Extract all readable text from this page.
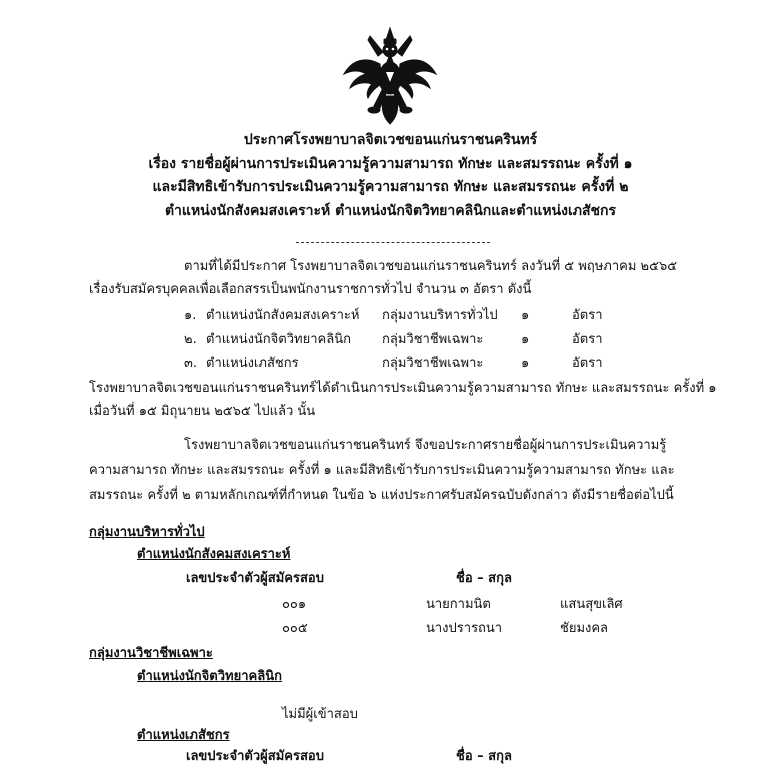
ประกาศโรงพยาบาลจิตเวชขอนแก่นราชนครินทร์
เรื่อง รายชื่อผู้ผ่านการประเมินความรู้ความสามารถ ทักษะ และสมรรถนะ ครั้งที่ ๑
และมีสิทธิเข้ารับการประเมินความรู้ความสามารถ ทักษะ และสมรรถนะ ครั้งที่ ๒
ตำแหน่งนักสังคมสงเคราะห์ ตำแหน่งนักจิตวิทยาคลินิกและตำแหน่งเภสัชกร
ตามที่ได้มีประกาศ โรงพยาบาลจิตเวชขอนแก่นราชนครินทร์ ลงวันที่ ๕ พฤษภาคม ๒๕๖๕
เรื่องรับสมัครบุคคลเพื่อเลือกสรรเป็นพนักงานราชการทั่วไป จำนวน ๓ อัตรา ดังนี้
๑. ตำแหน่งนักสังคมสงเคราะห์ กลุ่มงานบริหารทั่วไป ๑	อัตรา
๒. ตำแหน่งนักจิตวิทยาคลินิก กลุ่มวิชาชีพเฉพาะ	๑	อัตรา
๓. ตำแหน่งเภสัชกร	กลุ่มวิชาชีพเฉพาะ	๑	อัตรา
โรงพยาบาลจิตเวชขอนแก่นราชนครินทร์ได้ดำเนินการประเมินความรู้ความสามารถ ทักษะ และสมรรถนะ ครั้งที่ ๑
เมื่อวันที่ ๑๕ มิถุนายน ๒๕๖๕ ไปแล้ว นั้น
โรงพยาบาลจิตเวชขอนแก่นราชนครินทร์ จึงขอประกาศรายชื่อผู้ผ่านการประเมินความรู้
ความสามารถ ทักษะ และสมรรถนะ ครั้งที่ ๑ และมีสิทธิเข้ารับการประเมินความรู้ความสามารถ ทักษะ และ
สมรรถนะ ครั้งที่ ๒ ตามหลักเกณฑ์ที่กำหนด ในข้อ ๖ แห่งประกาศรับสมัครฉบับดังกล่าว ดังมีรายชื่อต่อไปนี้
กลุ่มงานบริหารทั่วไป
ตำแหน่งนักสังคมสงเคราะห์
เลขประจำตัวผู้สมัครสอบ	ชื่อ – สกุล
๐๐๑	นายกามนิต	แสนสุขเลิศ
๐๐๕	นางปรารถนา	ชัยมงคล
กลุ่มงานวิชาชีพเฉพาะ
ตำแหน่งนักจิตวิทยาคลินิก
ไม่มีผู้เข้าสอบ
ตำแหน่งเภสัชกร
เลขประจำตัวผู้สมัครสอบ	ชื่อ – สกุล
